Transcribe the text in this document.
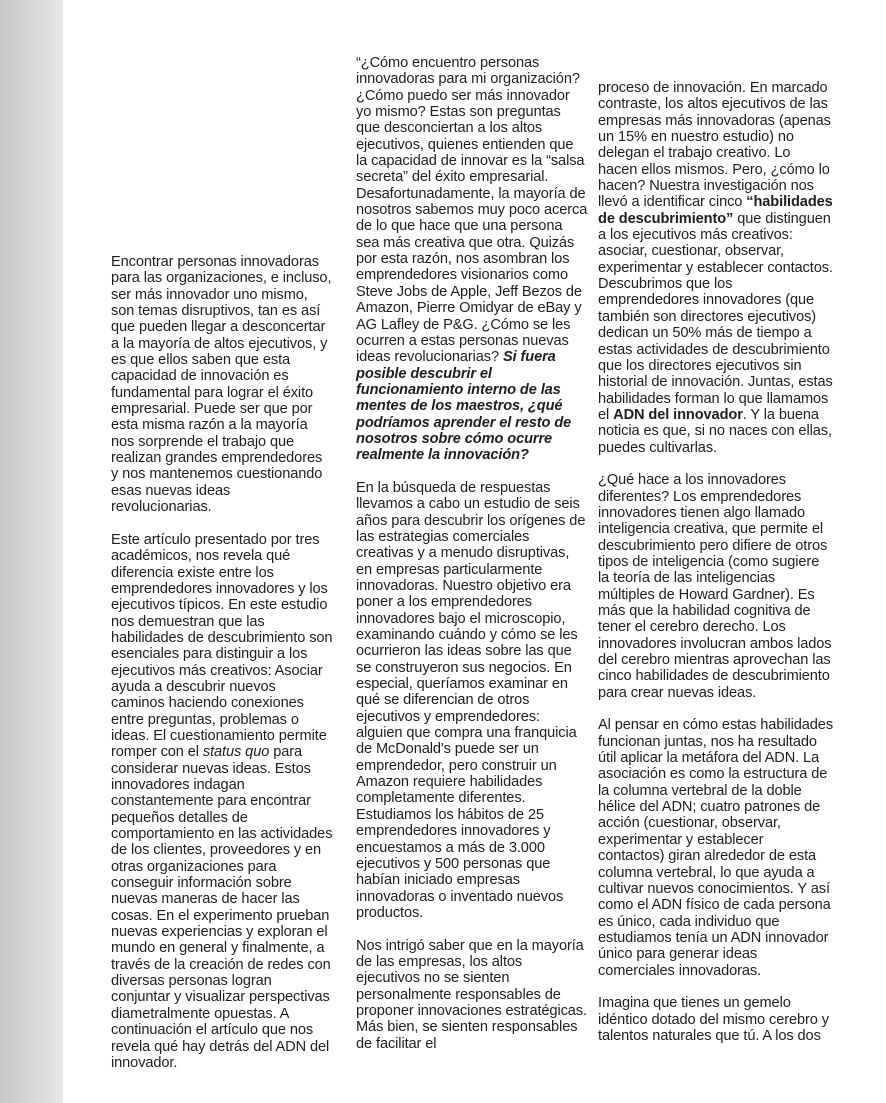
Encontrar personas innovadoras para las organizaciones, e incluso, ser más innovador uno mismo, son temas disruptivos, tan es así que pueden llegar a desconcertar a la mayoría de altos ejecutivos, y es que ellos saben que esta capacidad de innovación es fundamental para lograr el éxito empresarial. Puede ser que por esta misma razón a la mayoría nos sorprende el trabajo que realizan grandes emprendedores y nos mantenemos cuestionando esas nuevas ideas revolucionarias.

Este artículo presentado por tres académicos, nos revela qué diferencia existe entre los emprendedores innovadores y los ejecutivos típicos. En este estudio nos demuestran que las habilidades de descubrimiento son esenciales para distinguir a los ejecutivos más creativos: Asociar ayuda a descubrir nuevos caminos haciendo conexiones entre preguntas, problemas o ideas. El cuestionamiento permite romper con el status quo para considerar nuevas ideas. Estos innovadores indagan constantemente para encontrar pequeños detalles de comportamiento en las actividades de los clientes, proveedores y en otras organizaciones para conseguir información sobre nuevas maneras de hacer las cosas. En el experimento prueban nuevas experiencias y exploran el mundo en general y finalmente, a través de la creación de redes con diversas personas logran conjuntar y visualizar perspectivas diametralmente opuestas. A continuación el artículo que nos revela qué hay detrás del ADN del innovador.

“¿Cómo encuentro personas innovadoras para mi organización? ¿Cómo puedo ser más innovador yo mismo? Estas son preguntas que desconciertan a los altos ejecutivos, quienes entienden que la capacidad de innovar es la “salsa secreta” del éxito empresarial. Desafortunadamente, la mayoría de nosotros sabemos muy poco acerca de lo que hace que una persona sea más creativa que otra. Quizás por esta razón, nos asombran los emprendedores visionarios como Steve Jobs de Apple, Jeff Bezos de Amazon, Pierre Omidyar de eBay y AG Lafley de P&G. ¿Cómo se les ocurren a estas personas nuevas ideas revolucionarias? Si fuera posible descubrir el funcionamiento interno de las mentes de los maestros, ¿qué podríamos aprender el resto de nosotros sobre cómo ocurre realmente la innovación?

En la búsqueda de respuestas llevamos a cabo un estudio de seis años para descubrir los orígenes de las estrategias comerciales creativas y a menudo disruptivas, en empresas particularmente innovadoras. Nuestro objetivo era poner a los emprendedores innovadores bajo el microscopio, examinando cuándo y cómo se les ocurrieron las ideas sobre las que se construyeron sus negocios. En especial, queríamos examinar en qué se diferencian de otros ejecutivos y emprendedores: alguien que compra una franquicia de McDonald's puede ser un emprendedor, pero construir un Amazon requiere habilidades completamente diferentes. Estudiamos los hábitos de 25 emprendedores innovadores y encuestamos a más de 3.000 ejecutivos y 500 personas que habían iniciado empresas innovadoras o inventado nuevos productos.

Nos intrigó saber que en la mayoría de las empresas, los altos ejecutivos no se sienten personalmente responsables de proponer innovaciones estratégicas. Más bien, se sienten responsables de facilitar el

proceso de innovación. En marcado contraste, los altos ejecutivos de las empresas más innovadoras (apenas un 15% en nuestro estudio) no delegan el trabajo creativo. Lo hacen ellos mismos. Pero, ¿cómo lo hacen? Nuestra investigación nos llevó a identificar cinco “habilidades de descubrimiento” que distinguen a los ejecutivos más creativos: asociar, cuestionar, observar, experimentar y establecer contactos. Descubrimos que los emprendedores innovadores (que también son directores ejecutivos) dedican un 50% más de tiempo a estas actividades de descubrimiento que los directores ejecutivos sin historial de innovación. Juntas, estas habilidades forman lo que llamamos el ADN del innovador. Y la buena noticia es que, si no naces con ellas, puedes cultivarlas.

¿Qué hace a los innovadores diferentes? Los emprendedores innovadores tienen algo llamado inteligencia creativa, que permite el descubrimiento pero difiere de otros tipos de inteligencia (como sugiere la teoría de las inteligencias múltiples de Howard Gardner). Es más que la habilidad cognitiva de tener el cerebro derecho. Los innovadores involucran ambos lados del cerebro mientras aprovechan las cinco habilidades de descubrimiento para crear nuevas ideas.

Al pensar en cómo estas habilidades funcionan juntas, nos ha resultado útil aplicar la metáfora del ADN. La asociación es como la estructura de la columna vertebral de la doble hélice del ADN; cuatro patrones de acción (cuestionar, observar, experimentar y establecer contactos) giran alrededor de esta columna vertebral, lo que ayuda a cultivar nuevos conocimientos. Y así como el ADN físico de cada persona es único, cada individuo que estudiamos tenía un ADN innovador único para generar ideas comerciales innovadoras.

Imagina que tienes un gemelo idéntico dotado del mismo cerebro y talentos naturales que tú. A los dos
